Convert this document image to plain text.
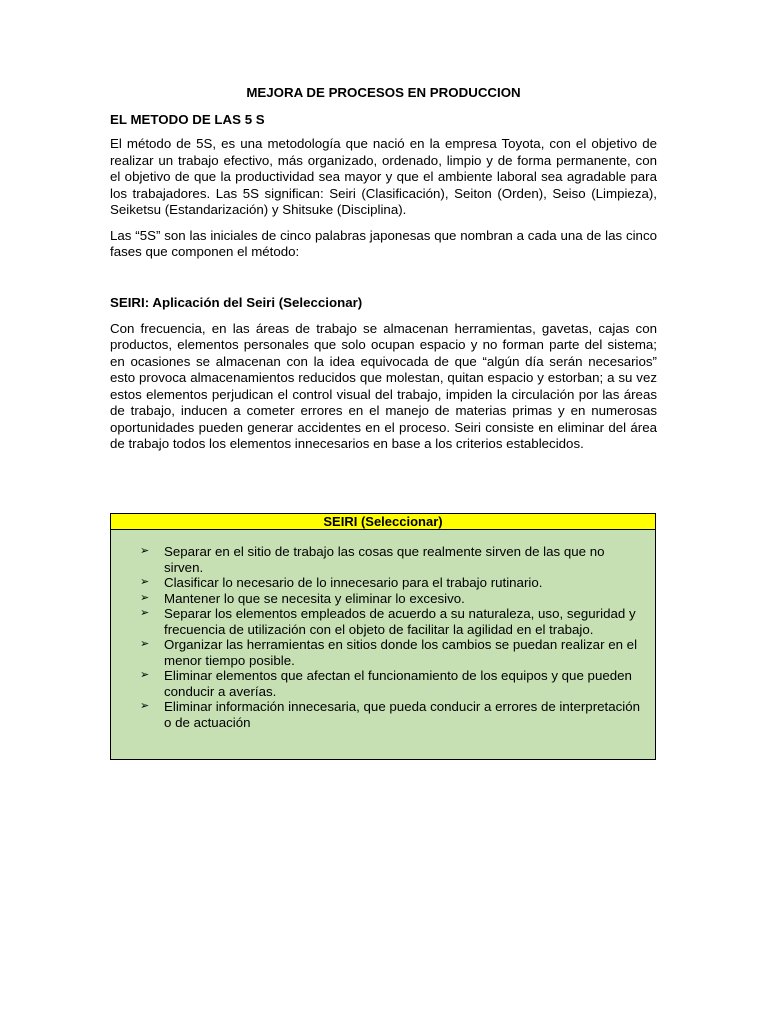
MEJORA DE PROCESOS EN PRODUCCION

EL METODO DE LAS 5 S

El método de 5S, es una metodología que nació en la empresa Toyota, con el objetivo de realizar un trabajo efectivo, más organizado, ordenado, limpio y de forma permanente, con el objetivo de que la productividad sea mayor y que el ambiente laboral sea agradable para los trabajadores. Las 5S significan: Seiri (Clasificación), Seiton (Orden), Seiso (Limpieza), Seiketsu (Estandarización) y Shitsuke (Disciplina).

Las “5S” son las iniciales de cinco palabras japonesas que nombran a cada una de las cinco fases que componen el método:

SEIRI: Aplicación del Seiri (Seleccionar)

Con frecuencia, en las áreas de trabajo se almacenan herramientas, gavetas, cajas con productos, elementos personales que solo ocupan espacio y no forman parte del sistema; en ocasiones se almacenan con la idea equivocada de que “algún día serán necesarios” esto provoca almacenamientos reducidos que molestan, quitan espacio y estorban; a su vez estos elementos perjudican el control visual del trabajo, impiden la circulación por las áreas de trabajo, inducen a cometer errores en el manejo de materias primas y en numerosas oportunidades pueden generar accidentes en el proceso. Seiri consiste en eliminar del área de trabajo todos los elementos innecesarios en base a los criterios establecidos.

SEIRI (Seleccionar)
➢ Separar en el sitio de trabajo las cosas que realmente sirven de las que no sirven.
➢ Clasificar lo necesario de lo innecesario para el trabajo rutinario.
➢ Mantener lo que se necesita y eliminar lo excesivo.
➢ Separar los elementos empleados de acuerdo a su naturaleza, uso, seguridad y frecuencia de utilización con el objeto de facilitar la agilidad en el trabajo.
➢ Organizar las herramientas en sitios donde los cambios se puedan realizar en el menor tiempo posible.
➢ Eliminar elementos que afectan el funcionamiento de los equipos y que pueden conducir a averías.
➢ Eliminar información innecesaria, que pueda conducir a errores de interpretación o de actuación
